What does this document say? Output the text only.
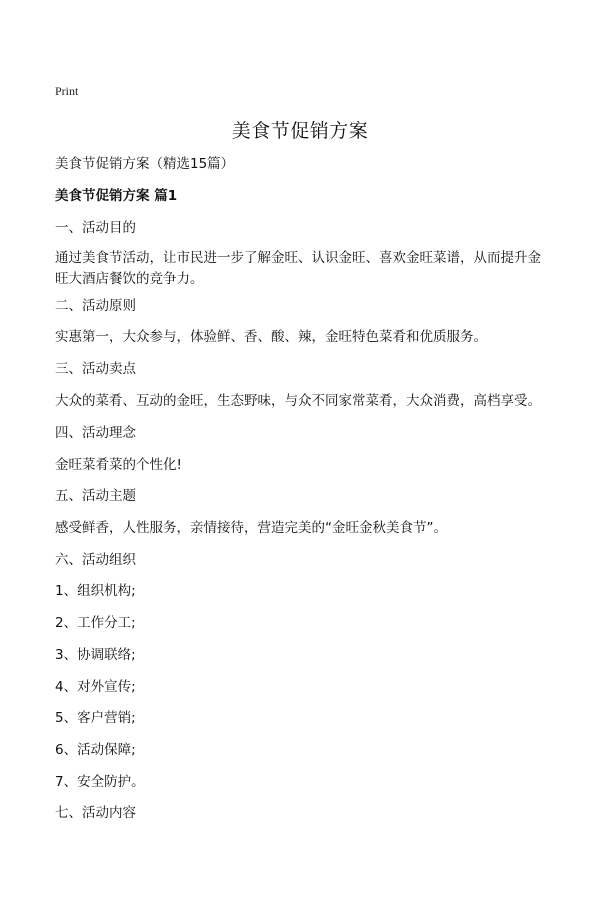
Print
美食节促销方案
美食节促销方案（精选15篇）
美食节促销方案 篇1
一、活动目的
通过美食节活动，让市民进一步了解金旺、认识金旺、喜欢金旺菜谱，从而提升金旺大酒店餐饮的竞争力。
二、活动原则
实惠第一，大众参与，体验鲜、香、酸、辣，金旺特色菜肴和优质服务。
三、活动卖点
大众的菜肴、互动的金旺，生态野味，与众不同家常菜肴，大众消费，高档享受。
四、活动理念
金旺菜肴菜的个性化!
五、活动主题
感受鲜香，人性服务，亲情接待，营造完美的“金旺金秋美食节”。
六、活动组织
1、组织机构;
2、工作分工;
3、协调联络;
4、对外宣传;
5、客户营销;
6、活动保障;
7、安全防护。
七、活动内容
